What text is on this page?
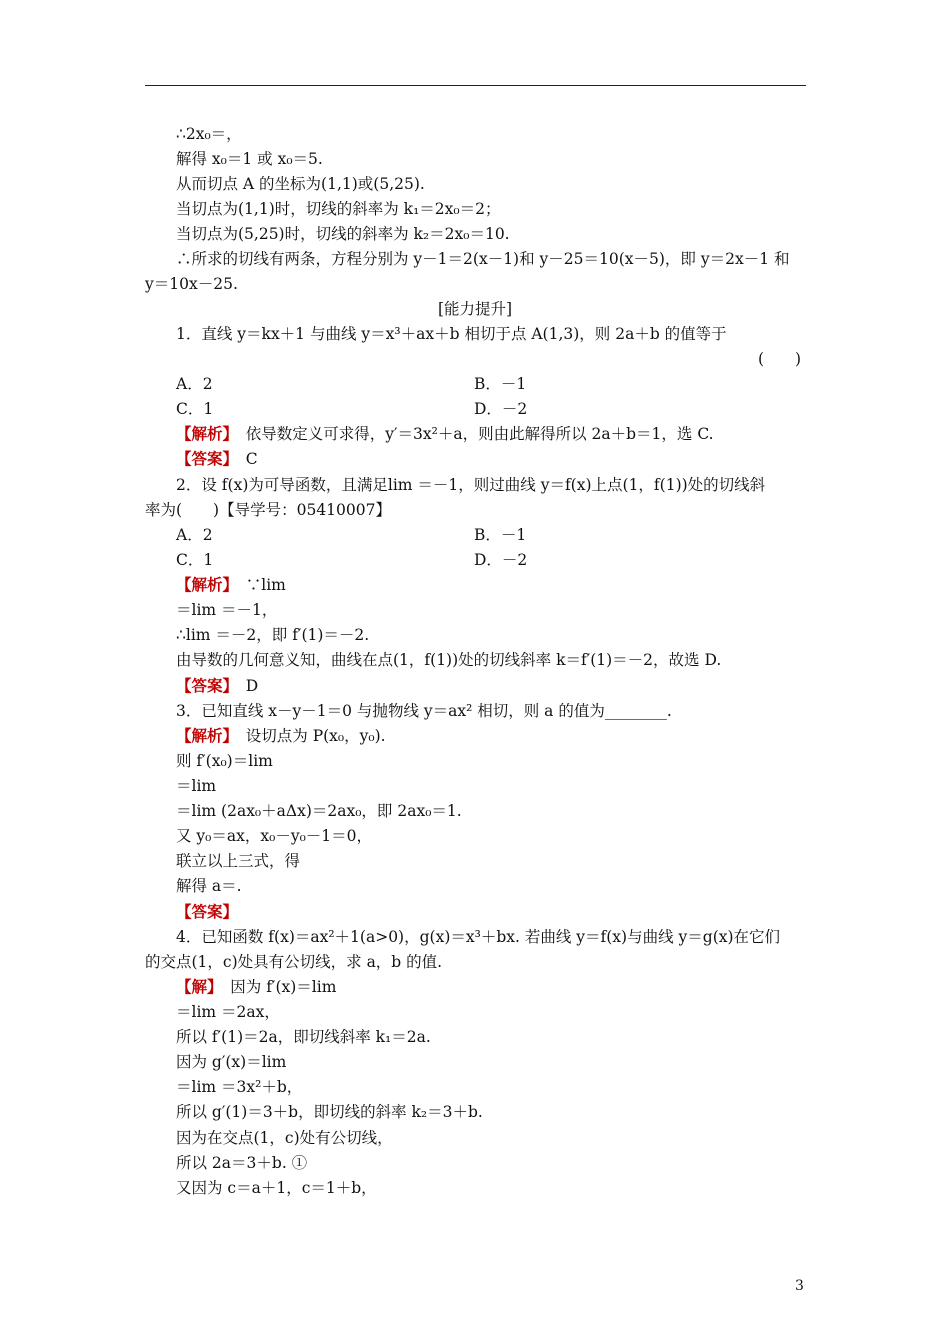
∴2x₀＝，
解得 x₀＝1 或 x₀＝5.
从而切点 A 的坐标为(1,1)或(5,25).
当切点为(1,1)时，切线的斜率为 k₁＝2x₀＝2；
当切点为(5,25)时，切线的斜率为 k₂＝2x₀＝10.
∴所求的切线有两条，方程分别为 y－1＝2(x－1)和 y－25＝10(x－5)，即 y＝2x－1 和
y＝10x－25.
[能力提升]
1．直线 y＝kx＋1 与曲线 y＝x³＋ax＋b 相切于点 A(1,3)，则 2a＋b 的值等于
(　　)
A．2	B．－1
C．1	D．－2
【解析】　依导数定义可求得，y′＝3x²＋a，则由此解得所以 2a＋b＝1，选 C.
【答案】　C
2．设 f(x)为可导函数，且满足lim ＝－1，则过曲线 y＝f(x)上点(1，f(1))处的切线斜
率为(　　)【导学号：05410007】
A．2	B．－1
C．1	D．－2
【解析】　∵lim
＝lim ＝－1，
∴lim ＝－2，即 f′(1)＝－2.
由导数的几何意义知，曲线在点(1，f(1))处的切线斜率 k＝f′(1)＝－2，故选 D.
【答案】　D
3．已知直线 x－y－1＝0 与抛物线 y＝ax² 相切，则 a 的值为________.
【解析】　设切点为 P(x₀，y₀).
则 f′(x₀)＝lim
＝lim
＝lim (2ax₀＋aΔx)＝2ax₀，即 2ax₀＝1.
又 y₀＝ax，x₀－y₀－1＝0，
联立以上三式，得
解得 a＝.
【答案】
4．已知函数 f(x)＝ax²＋1(a>0)，g(x)＝x³＋bx. 若曲线 y＝f(x)与曲线 y＝g(x)在它们
的交点(1，c)处具有公切线，求 a，b 的值.
【解】　因为 f′(x)＝lim
＝lim ＝2ax，
所以 f′(1)＝2a，即切线斜率 k₁＝2a.
因为 g′(x)＝lim
＝lim ＝3x²＋b，
所以 g′(1)＝3＋b，即切线的斜率 k₂＝3＋b.
因为在交点(1，c)处有公切线，
所以 2a＝3＋b. ①
又因为 c＝a＋1，c＝1＋b，
3
